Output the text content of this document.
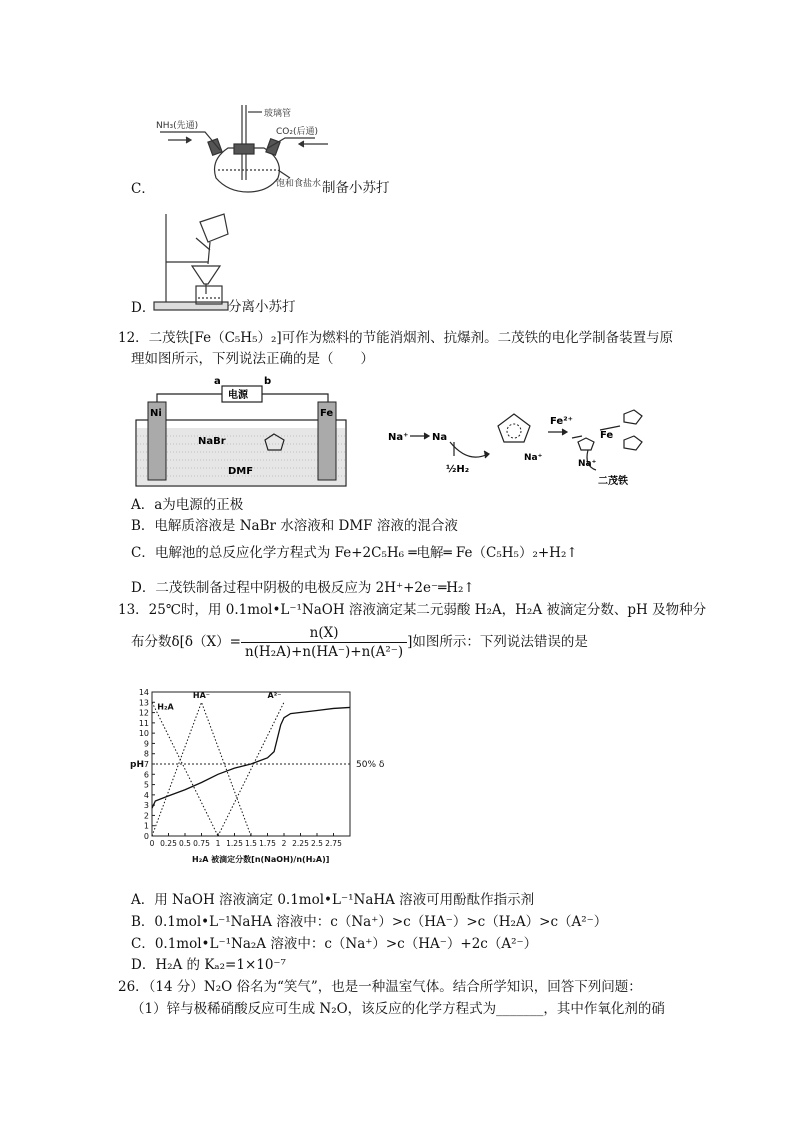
玻璃管
NH₃(先通)
CO₂(后通)
饱和食盐水
C．	制备小苏打
D．	分离小苏打
12．二茂铁[Fe（C₅H₅）₂]可作为燃料的节能消烟剂、抗爆剂。二茂铁的电化学制备装置与原
理如图所示，下列说法正确的是（　　）
a	b
电源
Ni	Fe
NaBr
DMF
Na⁺ Na
½H₂
Na⁺
Fe²⁺
Fe
Na⁺
二茂铁
A．a为电源的正极
B．电解质溶液是 NaBr 水溶液和 DMF 溶液的混合液
C．电解池的总反应化学方程式为 Fe+2C₅H₆ ═电解═ Fe（C₅H₅）₂+H₂↑
D．二茂铁制备过程中阴极的电极反应为 2H⁺+2e⁻═H₂↑
13．25℃时，用 0.1mol•L⁻¹NaOH 溶液滴定某二元弱酸 H₂A，H₂A 被滴定分数、pH 及物种分
布分数$\delta[\delta(X)= \frac{n(X)}{\text{n(H₂A)+n(HA⁻)+n(A²⁻)}}$ ]如图所示：下列说法错误的是
0
1
2
3
4
5
6
7
8
9
10
11
12
13
14
0 0.25 0.5 0.75 1 1.25 1.5 1.75 2 2.25 2.5 2.75
50% δ
H₂A
HA⁻	A²⁻
pH
H₂A 被滴定分数[n(NaOH)/n(H₂A)]
A．用 NaOH 溶液滴定 0.1mol•L⁻¹NaHA 溶液可用酚酞作指示剂
B．0.1mol•L⁻¹NaHA 溶液中：c（Na⁺）>c（HA⁻）>c（H₂A）>c（A²⁻）
C．0.1mol•L⁻¹Na₂A 溶液中：c（Na⁺）>c（HA⁻）+2c（A²⁻）
D．H₂A 的 Kₐ₂=1×10⁻⁷
26．（14 分）N₂O 俗名为“笑气”，也是一种温室气体。结合所学知识，回答下列问题：
（1）锌与极稀硝酸反应可生成 N₂O，该反应的化学方程式为_______，其中作氧化剂的硝
